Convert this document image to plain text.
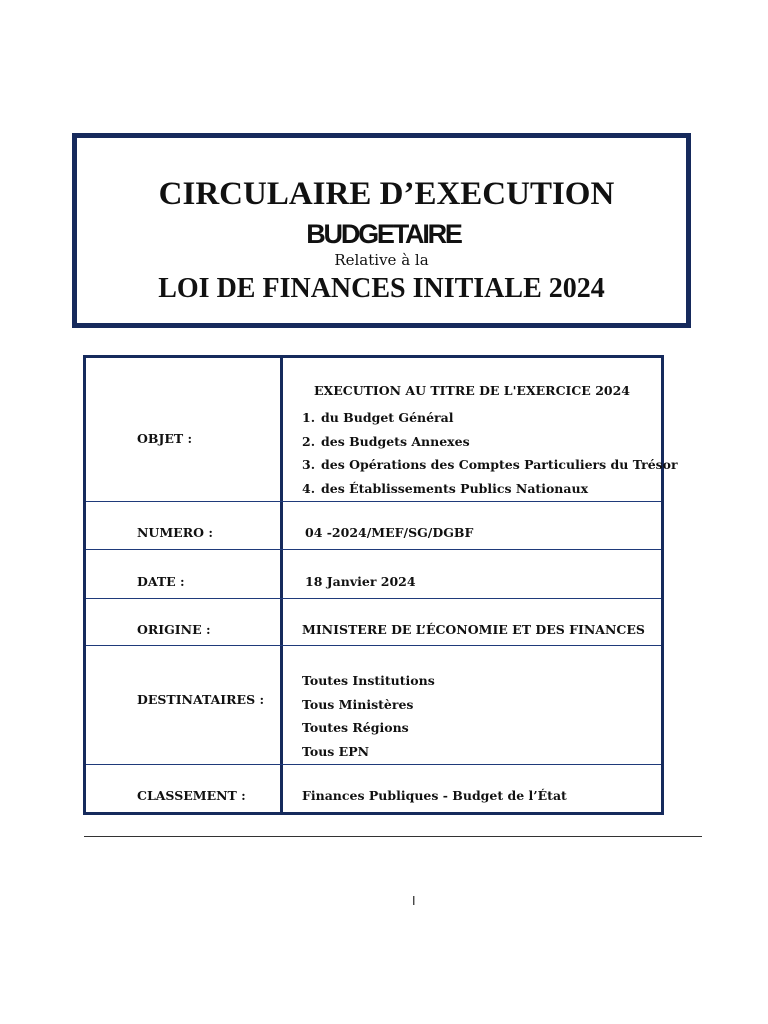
CIRCULAIRE D’EXECUTION
BUDGETAIRE
Relative à la
LOI DE FINANCES INITIALE 2024
OBJET :
EXECUTION AU TITRE DE L'EXERCICE 2024
1. du Budget Général
2. des Budgets Annexes
3. des Opérations des Comptes Particuliers du Trésor
4. des Établissements Publics Nationaux
NUMERO :	04 -2024/MEF/SG/DGBF
DATE :	18 Janvier 2024
ORIGINE :	MINISTERE DE L’ÉCONOMIE ET DES FINANCES
DESTINATAIRES :
Toutes Institutions
Tous Ministères
Toutes Régions
Tous EPN
CLASSEMENT :	Finances Publiques - Budget de l’État
I
